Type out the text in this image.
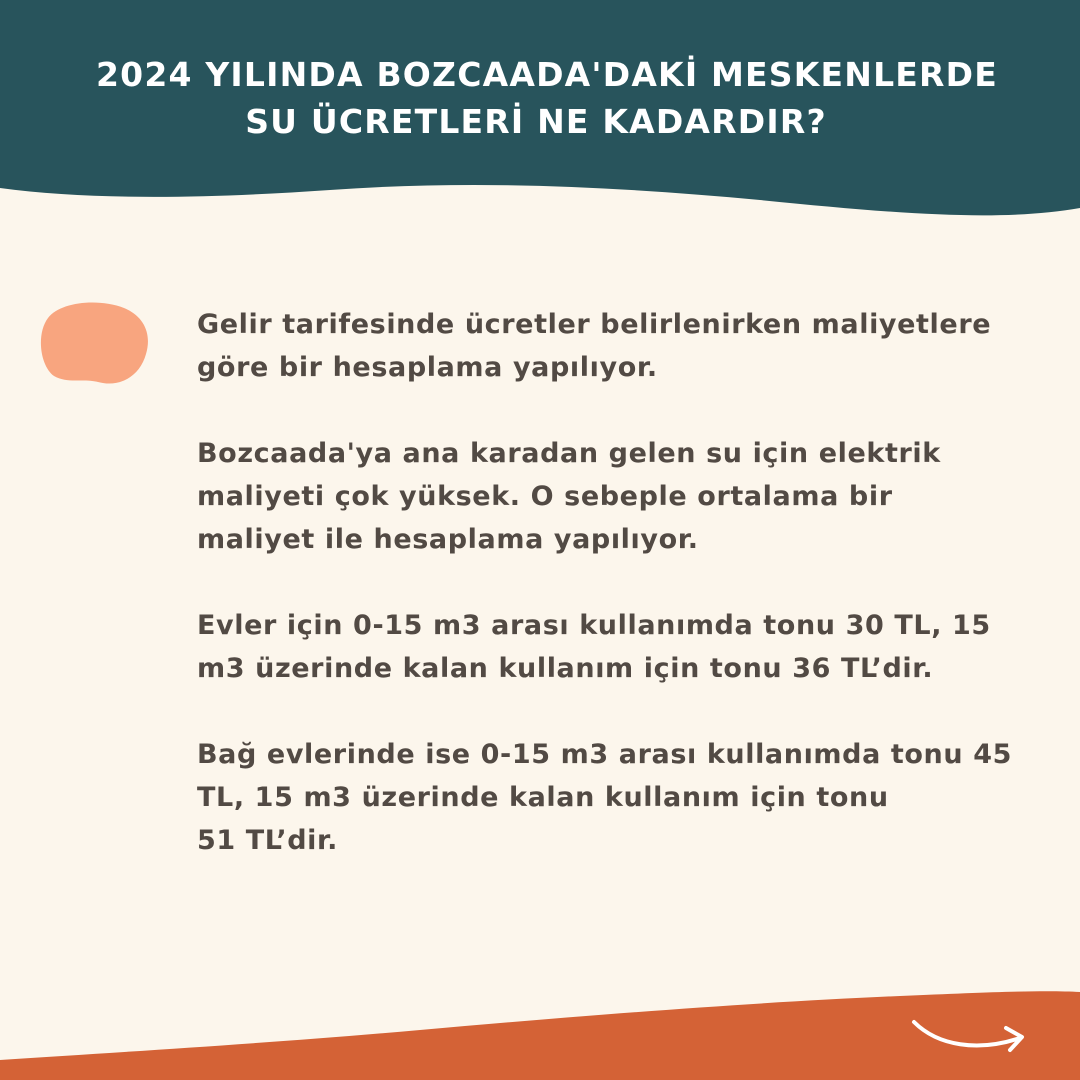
2024 YILINDA BOZCAADA'DAKİ MESKENLERDE
SU ÜCRETLERİ NE KADARDIR?

Gelir tarifesinde ücretler belirlenirken maliyetlere
göre bir hesaplama yapılıyor.

Bozcaada'ya ana karadan gelen su için elektrik
maliyeti çok yüksek. O sebeple ortalama bir
maliyet ile hesaplama yapılıyor.

Evler için 0-15 m3 arası kullanımda tonu 30 TL, 15
m3 üzerinde kalan kullanım için tonu 36 TL’dir.

Bağ evlerinde ise 0-15 m3 arası kullanımda tonu 45
TL, 15 m3 üzerinde kalan kullanım için tonu
51 TL’dir.
